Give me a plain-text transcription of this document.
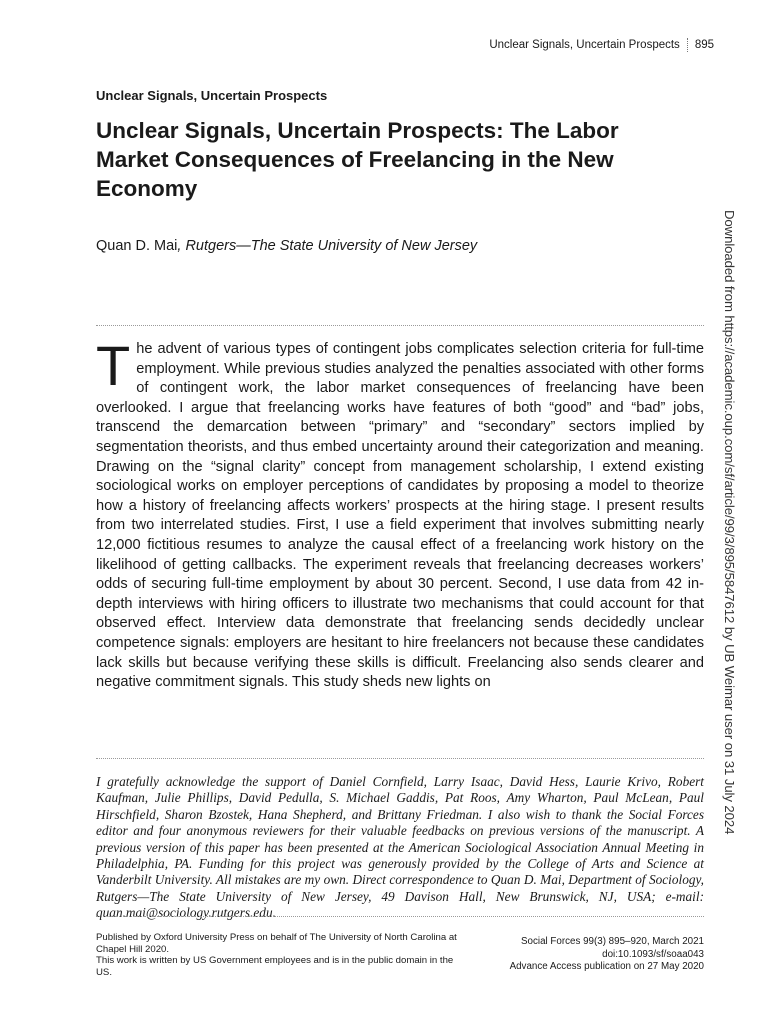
Unclear Signals, Uncertain Prospects 895
Unclear Signals, Uncertain Prospects
Unclear Signals, Uncertain Prospects: The Labor Market Consequences of Freelancing in the New Economy
Quan D. Mai, Rutgers—The State University of New Jersey

The advent of various types of contingent jobs complicates selection criteria for full-time employment. While previous studies analyzed the penalties associated with other forms of contingent work, the labor market consequences of freelancing have been overlooked. I argue that freelancing works have features of both “good” and “bad” jobs, transcend the demarcation between “primary” and “secondary” sectors implied by segmentation theorists, and thus embed uncertainty around their categorization and meaning. Drawing on the “signal clarity” concept from management scholarship, I extend existing sociological works on employer perceptions of candidates by proposing a model to theorize how a history of freelancing affects workers’ prospects at the hiring stage. I present results from two interrelated studies. First, I use a field experiment that involves submitting nearly 12,000 fictitious resumes to analyze the causal effect of a freelancing work history on the likelihood of getting callbacks. The experiment reveals that freelancing decreases workers’ odds of securing full-time employment by about 30 percent. Second, I use data from 42 in-depth interviews with hiring officers to illustrate two mechanisms that could account for that observed effect. Interview data demonstrate that freelancing sends decidedly unclear competence signals: employers are hesitant to hire freelancers not because these candidates lack skills but because verifying these skills is difficult. Freelancing also sends clearer and negative commitment signals. This study sheds new lights on

I gratefully acknowledge the support of Daniel Cornfield, Larry Isaac, David Hess, Laurie Krivo, Robert Kaufman, Julie Phillips, David Pedulla, S. Michael Gaddis, Pat Roos, Amy Wharton, Paul McLean, Paul Hirschfield, Sharon Bzostek, Hana Shepherd, and Brittany Friedman. I also wish to thank the Social Forces editor and four anonymous reviewers for their valuable feedbacks on previous versions of the manuscript. A previous version of this paper has been presented at the American Sociological Association Annual Meeting in Philadelphia, PA. Funding for this project was generously provided by the College of Arts and Science at Vanderbilt University. All mistakes are my own. Direct correspondence to Quan D. Mai, Department of Sociology, Rutgers—The State University of New Jersey, 49 Davison Hall, New Brunswick, NJ, USA; e-mail: quan.mai@sociology.rutgers.edu.

Published by Oxford University Press on behalf of The University of North Carolina at Chapel Hill 2020.

This work is written by US Government employees and is in the public domain in the US.

Social Forces 99(3) 895–920, March 2021
doi:10.1093/sf/soaa043
Advance Access publication on 27 May 2020
Downloaded from https://academic.oup.com/sf/article/99/3/895/5847612 by UB Weimar user on 31 July 2024
